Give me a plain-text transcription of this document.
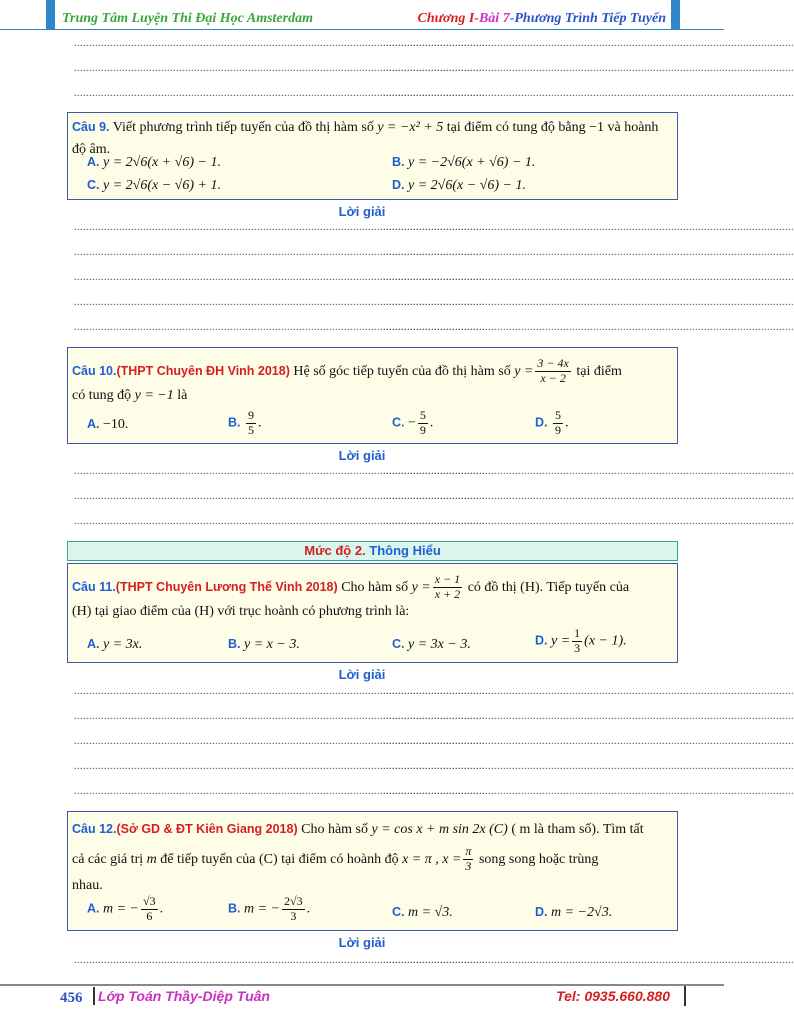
Trung Tâm Luyện Thi Đại Học Amsterdam	Chương I-Bài 7-Phương Trình Tiếp Tuyến
.........................................................................................................................................
.........................................................................................................................................
.........................................................................................................................................
.........................................................................................................................................
.........................................................................................................................................
.........................................................................................................................................
Câu 9. Viết phương trình tiếp tuyến của đồ thị hàm số y = −x² + 5 tại điểm có tung độ bằng −1 và hoành độ âm.
A. y = 2√6(x + √6) − 1.	B. y = −2√6(x + √6) − 1.
C. y = 2√6(x − √6) + 1.	D. y = 2√6(x − √6) − 1.
Lời giải
.........................................................................................................................................
.........................................................................................................................................
.........................................................................................................................................
.........................................................................................................................................
.........................................................................................................................................
.........................................................................................................................................
.........................................................................................................................................
.........................................................................................................................................
.........................................................................................................................................
.........................................................................................................................................
Câu 10.(THPT Chuyên ĐH Vinh 2018) Hệ số góc tiếp tuyến của đồ thị hàm số $y = \frac{3 - 4x}{x - 2}$ tại điểm
có tung độ y = −1 là
A. −10.	B. $\frac{9}{5}$ .	C. − $\frac{5}{9}$ .	D. $\frac{5}{9}$ .
Lời giải
.........................................................................................................................................
.........................................................................................................................................
.........................................................................................................................................
.........................................................................................................................................
.........................................................................................................................................
.........................................................................................................................................
Mức độ 2. Thông Hiểu
Câu 11.(THPT Chuyên Lương Thế Vinh 2018) Cho hàm số $y = \frac{x - 1}{x + 2}$ có đồ thị (H). Tiếp tuyến của
(H) tại giao điểm của (H) với trục hoành có phương trình là:
A. y = 3x.	B. y = x − 3.	C. y = 3x − 3.	D. $y = \frac{1}{3} (x - 1)$.
Lời giải
.........................................................................................................................................
.........................................................................................................................................
.........................................................................................................................................
.........................................................................................................................................
.........................................................................................................................................
.........................................................................................................................................
.........................................................................................................................................
.........................................................................................................................................
.........................................................................................................................................
.........................................................................................................................................
Câu 12.(Sở GD & ĐT Kiên Giang 2018) Cho hàm số y = cos x + m sin 2x (C) ( m là tham số). Tìm tất
cả các giá trị m để tiếp tuyến của (C) tại điểm có hoành độ x = π , $x = \frac{\pi}{3}$ song song hoặc trùng
nhau.
A. m = − $\frac{√3}{6}$ .	B. m = − $\frac{2√3}{3}$ .	C. m = √3.	D. m = −2√3.
Lời giải
.........................................................................................................................................
.........................................................................................................................................
456 Lớp Toán Thầy-Diệp Tuân	Tel: 0935.660.880
